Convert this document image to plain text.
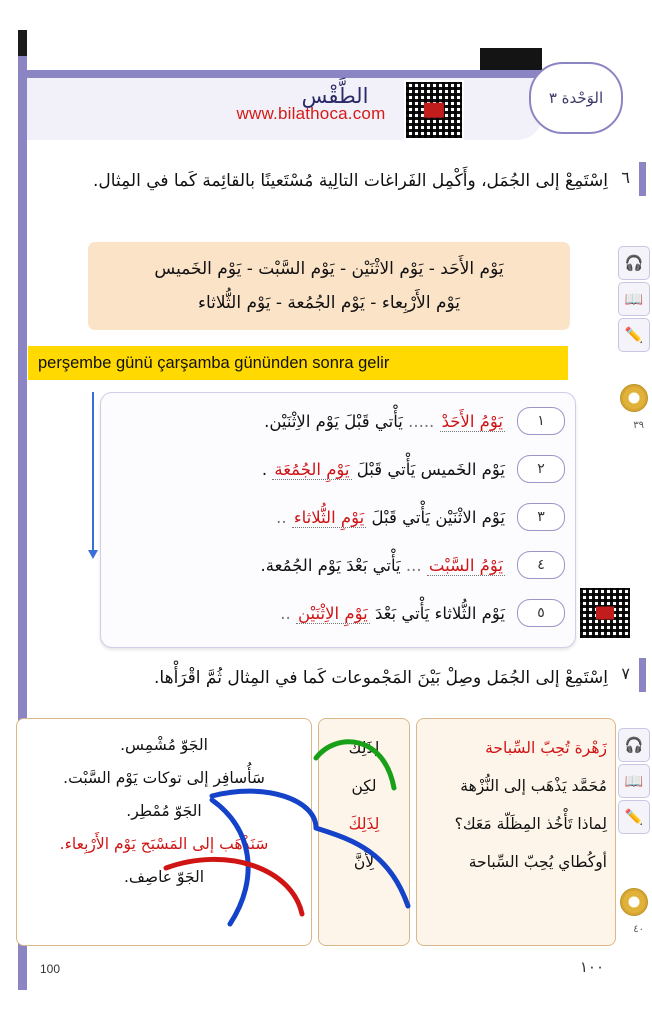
الطَّقْس
www.bilathoca.com
الوَحْدة ٣
٦
اِسْتَمِعْ إلى الجُمَل، وأَكْمِل الفَراغات التالِية مُسْتَعينًا بالقائِمة كَما في المِثال.
يَوْم الأَحَد - يَوْم الاثْنَيْن - يَوْم السَّبْت - يَوْم الخَميس
يَوْم الأَرْبِعاء - يَوْم الجُمُعة - يَوْم الثُّلاثاء
perşembe günü çarşamba gününden sonra gelir
١
يَوْمُ الأَحَدْ ..... يَأْتي قَبْلَ يَوْم الاِثْنَيْن.
٢
يَوْم الخَميس يَأْتي قَبْلَ يَوْمِ الجُمُعَة .
٣
يَوْم الاثْنَيْن يَأْتي قَبْلَ يَوْمِ الثُّلاثاء ..
٤
يَوْمُ السَّبْت ... يَأْتي بَعْدَ يَوْم الجُمُعة.
٥
يَوْم الثُّلاثاء يَأْتي بَعْدَ يَوْمِ الاِثْنَيْن ..
٧
اِسْتَمِعْ إلى الجُمَل وصِلْ بَيْنَ المَجْموعات كَما في المِثال ثُمَّ اقْرَأْها.
زَهْرة تُحِبّ السِّباحة
مُحَمَّد يَذْهَب إلى النُّزْهة
لِماذا تَأْخُذ المِظَلّة مَعَك؟
أوكُطاي يُحِبّ السِّباحة
لِذَلِك
لكِن
لِذَلِكَ
لِأَنَّ
الجَوّ مُشْمِس.
سَأُسافِر إلى توكات يَوْم السَّبْت.
الجَوّ مُمْطِر.
سَنَذْهَب إلى المَسْبَح يَوْم الأَرْبِعاء.
الجَوّ عاصِف.
🎧
📖
✏️
٣٩
🎧
📖
✏️
٤٠
100	١٠٠
